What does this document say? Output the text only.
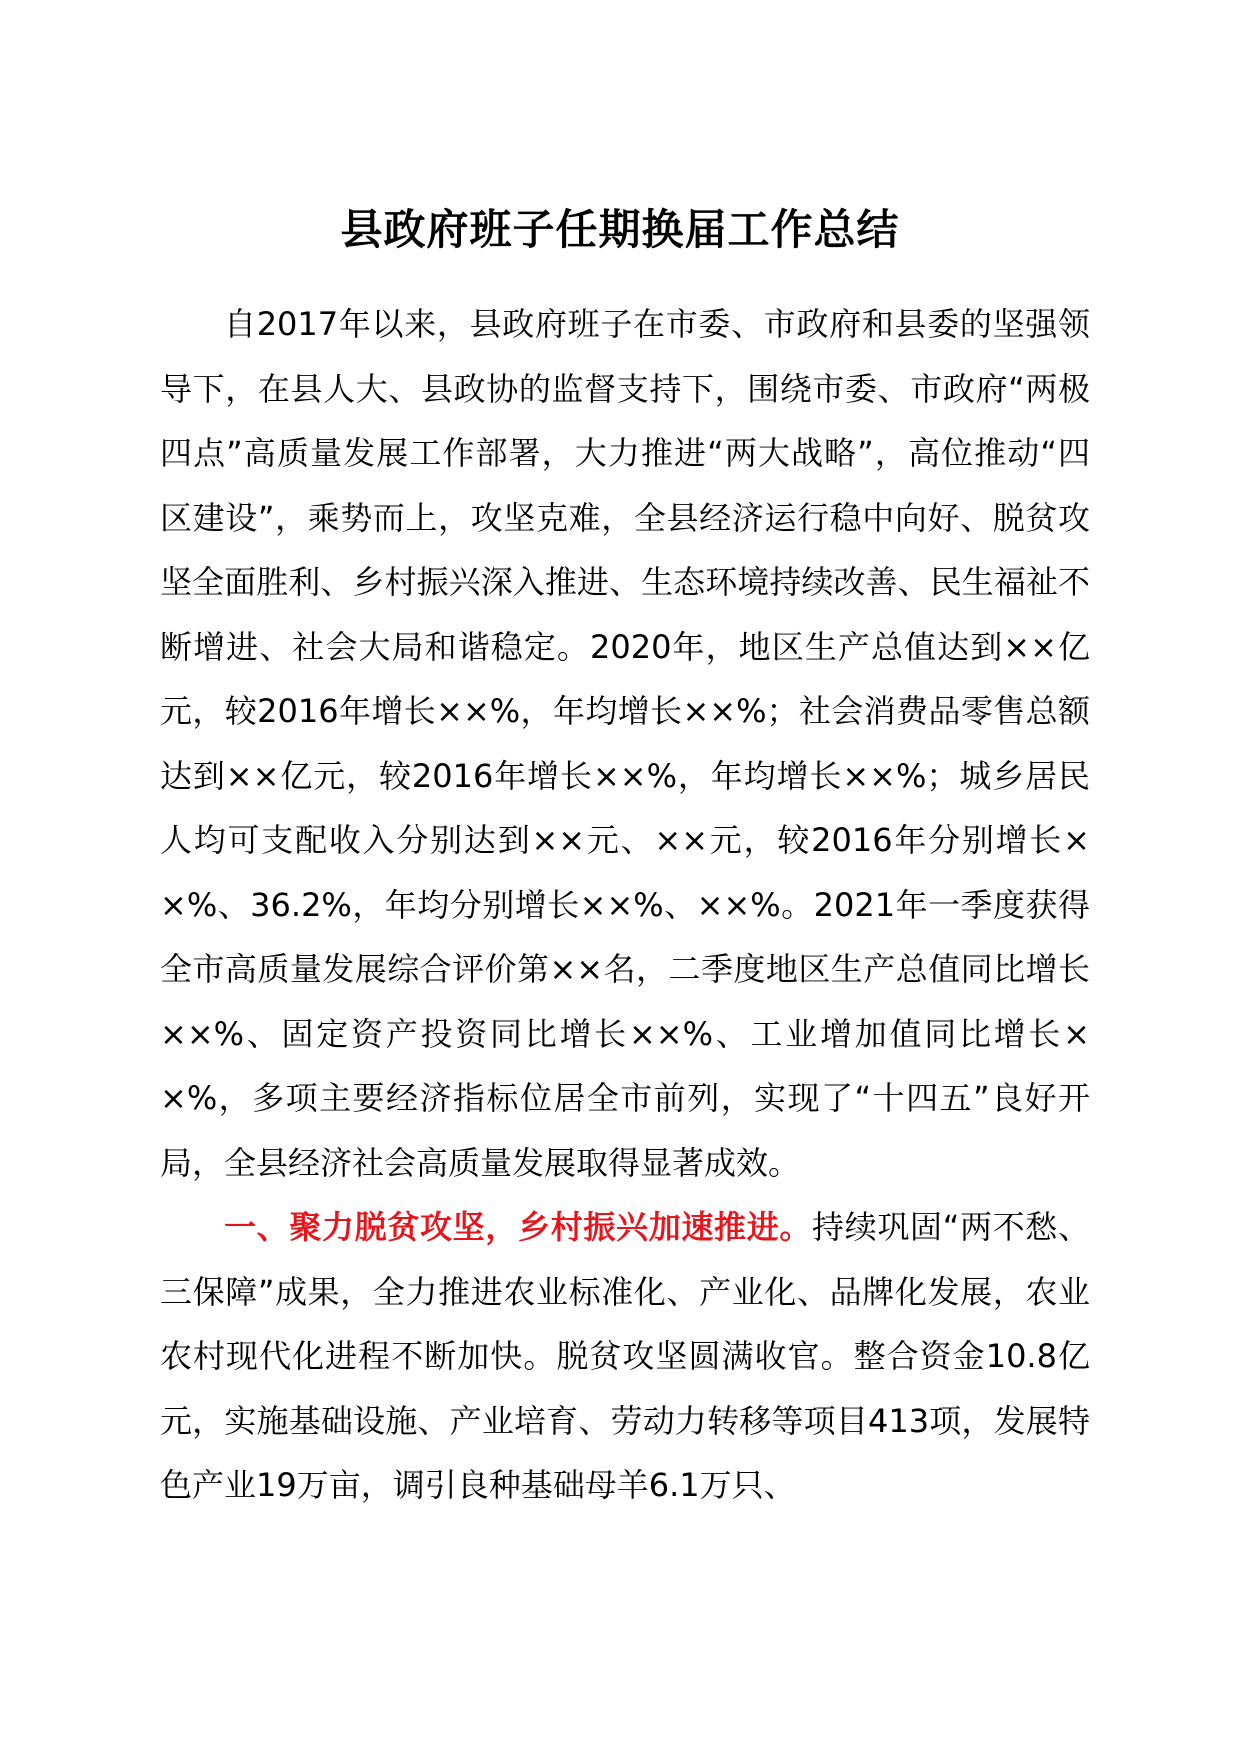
县政府班子任期换届工作总结

自2017年以来，县政府班子在市委、市政府和县委的坚强领导下，在县人大、县政协的监督支持下，围绕市委、市政府“两极四点”高质量发展工作部署，大力推进“两大战略”，高位推动“四区建设”，乘势而上，攻坚克难，全县经济运行稳中向好、脱贫攻坚全面胜利、乡村振兴深入推进、生态环境持续改善、民生福祉不断增进、社会大局和谐稳定。2020年，地区生产总值达到××亿元，较2016年增长××%，年均增长××%；社会消费品零售总额达到××亿元，较2016年增长××%，年均增长××%；城乡居民人均可支配收入分别达到××元、××元，较2016年分别增长××%、36.2%，年均分别增长××%、××%。2021年一季度获得全市高质量发展综合评价第××名，二季度地区生产总值同比增长××%、固定资产投资同比增长××%、工业增加值同比增长××%，多项主要经济指标位居全市前列，实现了“十四五”良好开局，全县经济社会高质量发展取得显著成效。

一、聚力脱贫攻坚，乡村振兴加速推进。持续巩固“两不愁、三保障”成果，全力推进农业标准化、产业化、品牌化发展，农业农村现代化进程不断加快。脱贫攻坚圆满收官。整合资金10.8亿元，实施基础设施、产业培育、劳动力转移等项目413项，发展特色产业19万亩，调引良种基础母羊6.1万只、
